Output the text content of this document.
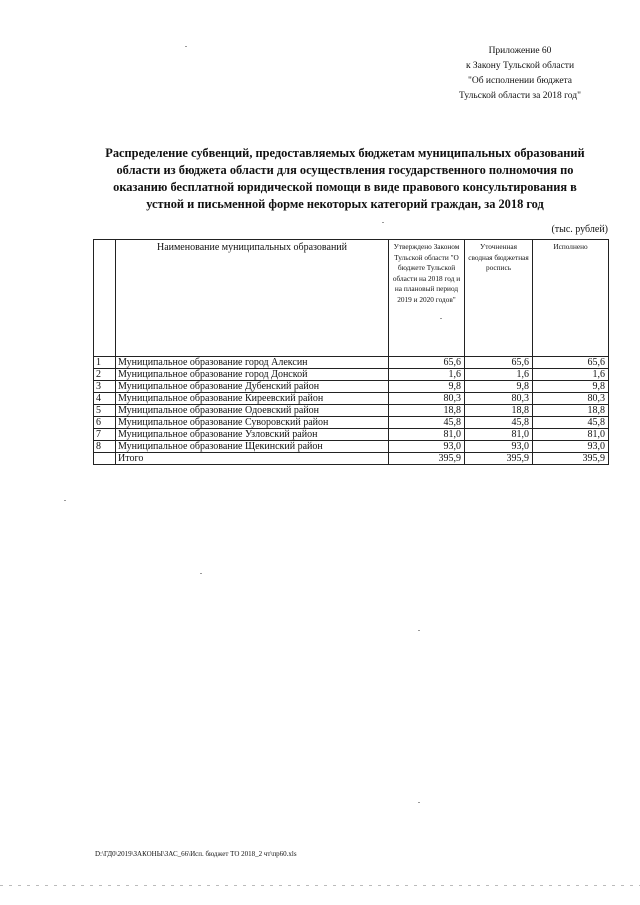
Приложение 60
к Закону Тульской области
"Об исполнении бюджета
Тульской области за 2018 год"
Распределение субвенций, предоставляемых бюджетам муниципальных образований
области из бюджета области для осуществления государственного полномочия по
оказанию бесплатной юридической помощи в виде правового консультирования в
устной и письменной форме некоторых категорий граждан, за 2018 год
(тыс. рублей)
	Наименование муниципальных образований	Утверждено Законом Тульской области "О бюджете Тульской области на 2018 год и на плановый период 2019 и 2020 годов"	Уточненная сводная бюджетная роспись	Исполнено
1	Муниципальное образование город Алексин	65,6	65,6	65,6
2	Муниципальное образование город Донской	1,6	1,6	1,6
3	Муниципальное образование Дубенский район	9,8	9,8	9,8
4	Муниципальное образование Киреевский район	80,3	80,3	80,3
5	Муниципальное образование Одоевский район	18,8	18,8	18,8
6	Муниципальное образование Суворовский район	45,8	45,8	45,8
7	Муниципальное образование Узловский район	81,0	81,0	81,0
8	Муниципальное образование Щекинский район	93,0	93,0	93,0
	Итого	395,9	395,9	395,9
D:\ГД0\2019\ЗАКОНЫ\ЗАС_66\Исп. бюджет ТО 2018_2 чт\пр60.xls
